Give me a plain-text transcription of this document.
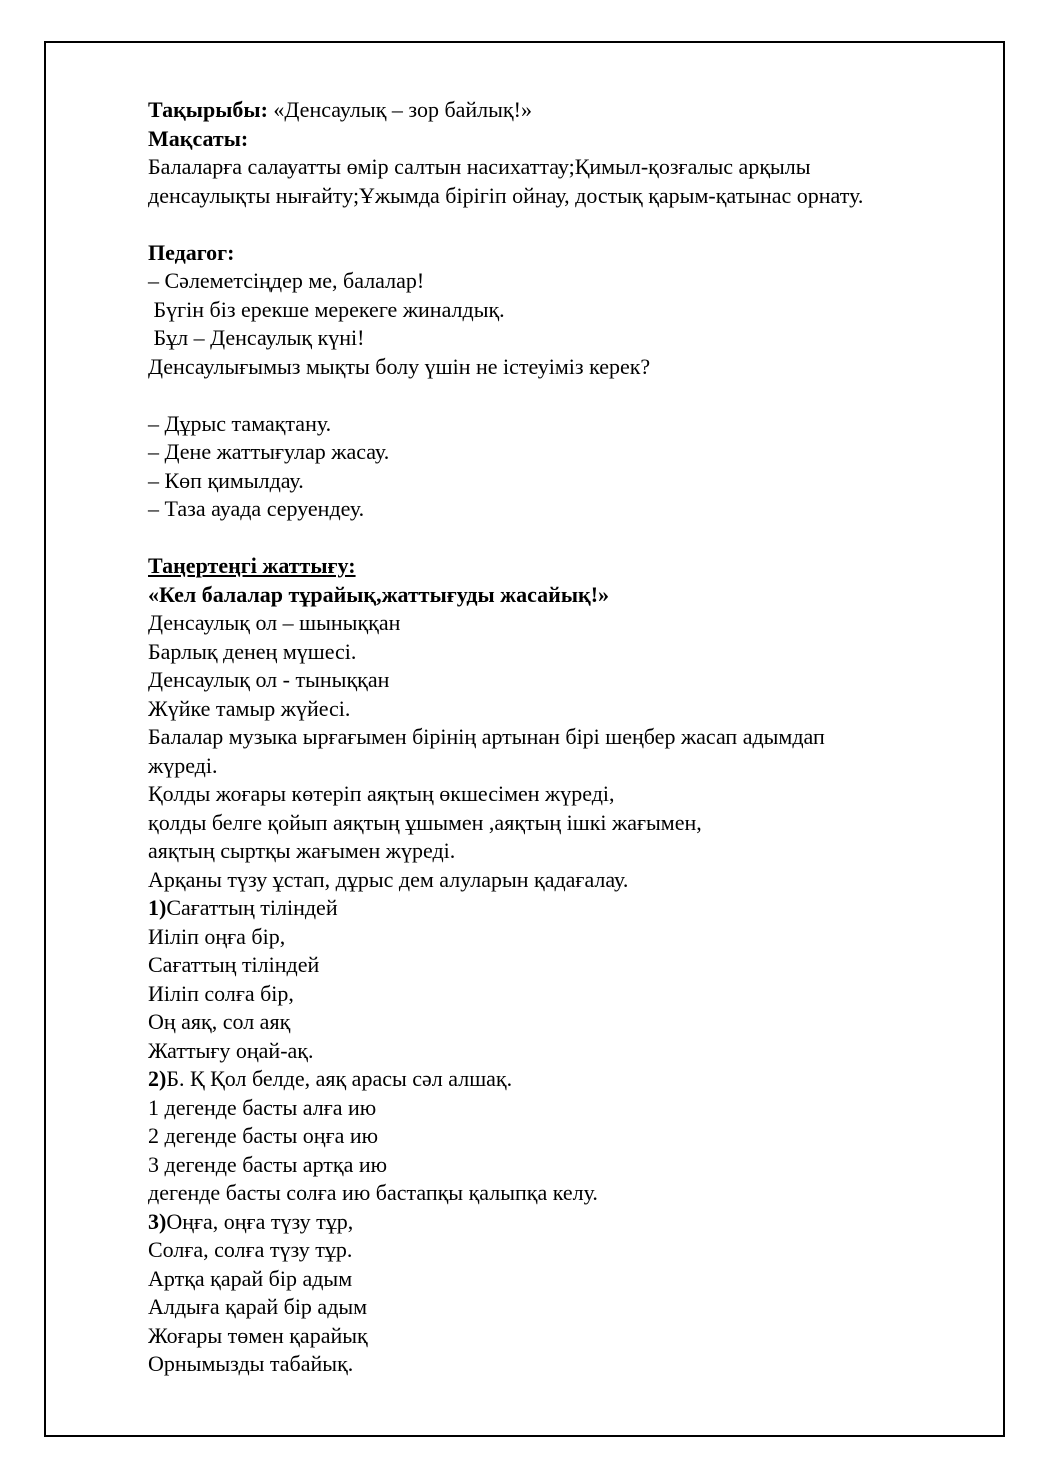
Тақырыбы: «Денсаулық – зор байлық!»
Мақсаты:
Балаларға салауатты өмір салтын насихаттау;Қимыл-қозғалыс арқылы
денсаулықты нығайту;Ұжымда бірігіп ойнау, достық қарым-қатынас орнату.

Педагог:
– Сәлеметсіңдер ме, балалар!
Бүгін біз ерекше мерекеге жиналдық.
Бұл – Денсаулық күні!
Денсаулығымыз мықты болу үшін не істеуіміз керек?

– Дұрыс тамақтану.
– Дене жаттығулар жасау.
– Көп қимылдау.
– Таза ауада серуендеу.

Таңертеңгі жаттығу:
«Кел балалар тұрайық,жаттығуды жасайық!»
Денсаулық ол – шыныққан
Барлық денең мүшесі.
Денсаулық ол - тыныққан
Жүйке тамыр жүйесі.
Балалар музыка ырғағымен бірінің артынан бірі шеңбер жасап адымдап
жүреді.
Қолды жоғары көтеріп аяқтың өкшесімен жүреді,
қолды белге қойып аяқтың ұшымен ,аяқтың ішкі жағымен,
аяқтың сыртқы жағымен жүреді.
Арқаны түзу ұстап, дұрыс дем алуларын қадағалау.
1)Сағаттың тіліндей
Иіліп оңға бір,
Сағаттың тіліндей
Иіліп солға бір,
Оң аяқ, сол аяқ
Жаттығу оңай-ақ.
2)Б. Қ Қол белде, аяқ арасы сәл алшақ.
1 дегенде басты алға ию
2 дегенде басты оңға ию
3 дегенде басты артқа ию
дегенде басты солға ию бастапқы қалыпқа келу.
3)Оңға, оңға түзу тұр,
Солға, солға түзу тұр.
Артқа қарай бір адым
Алдыға қарай бір адым
Жоғары төмен қарайық
Орнымызды табайық.
